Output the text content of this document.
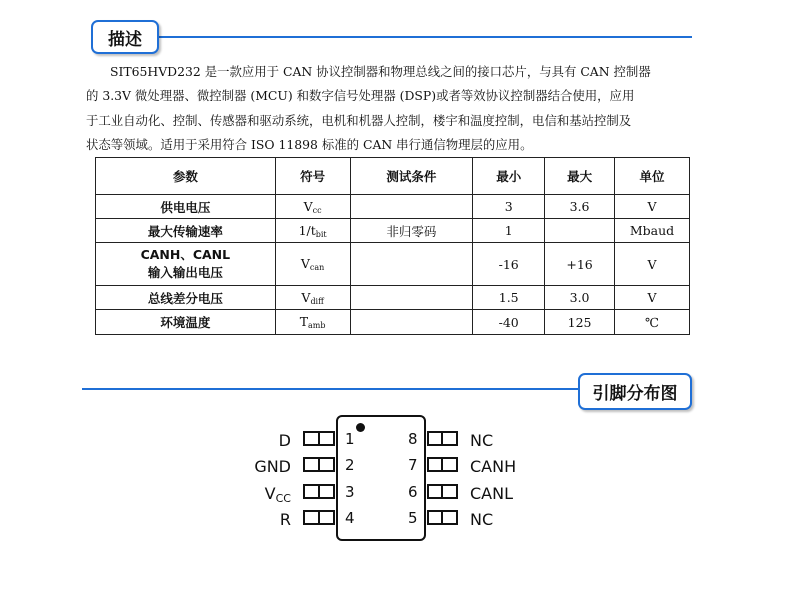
描述
SIT65HVD232 是一款应用于 CAN 协议控制器和物理总线之间的接口芯片，与具有 CAN 控制器
的 3.3V 微处理器、微控制器 (MCU) 和数字信号处理器 (DSP)或者等效协议控制器结合使用，应用
于工业自动化、控制、传感器和驱动系统，电机和机器人控制，楼宇和温度控制，电信和基站控制及
状态等领域。适用于采用符合 ISO 11898 标准的 CAN 串行通信物理层的应用。
参数	符号	测试条件	最小	最大	单位
供电电压	$V_{cc}$		3	3.6	V
最大传输速率	$1/t_{bit}$	非归零码	1		Mbaud
CANH、CANL
输入输出电压	$V_{can}$		-16	+16	V
总线差分电压	$V_{diff}$		1.5	3.0	V
环境温度	$T_{amb}$		-40	125	℃
引脚分布图
1
2
3
4
8
7
6
5
D
GND
$V_{CC}$
R
NC
CANH
CANL
NC
